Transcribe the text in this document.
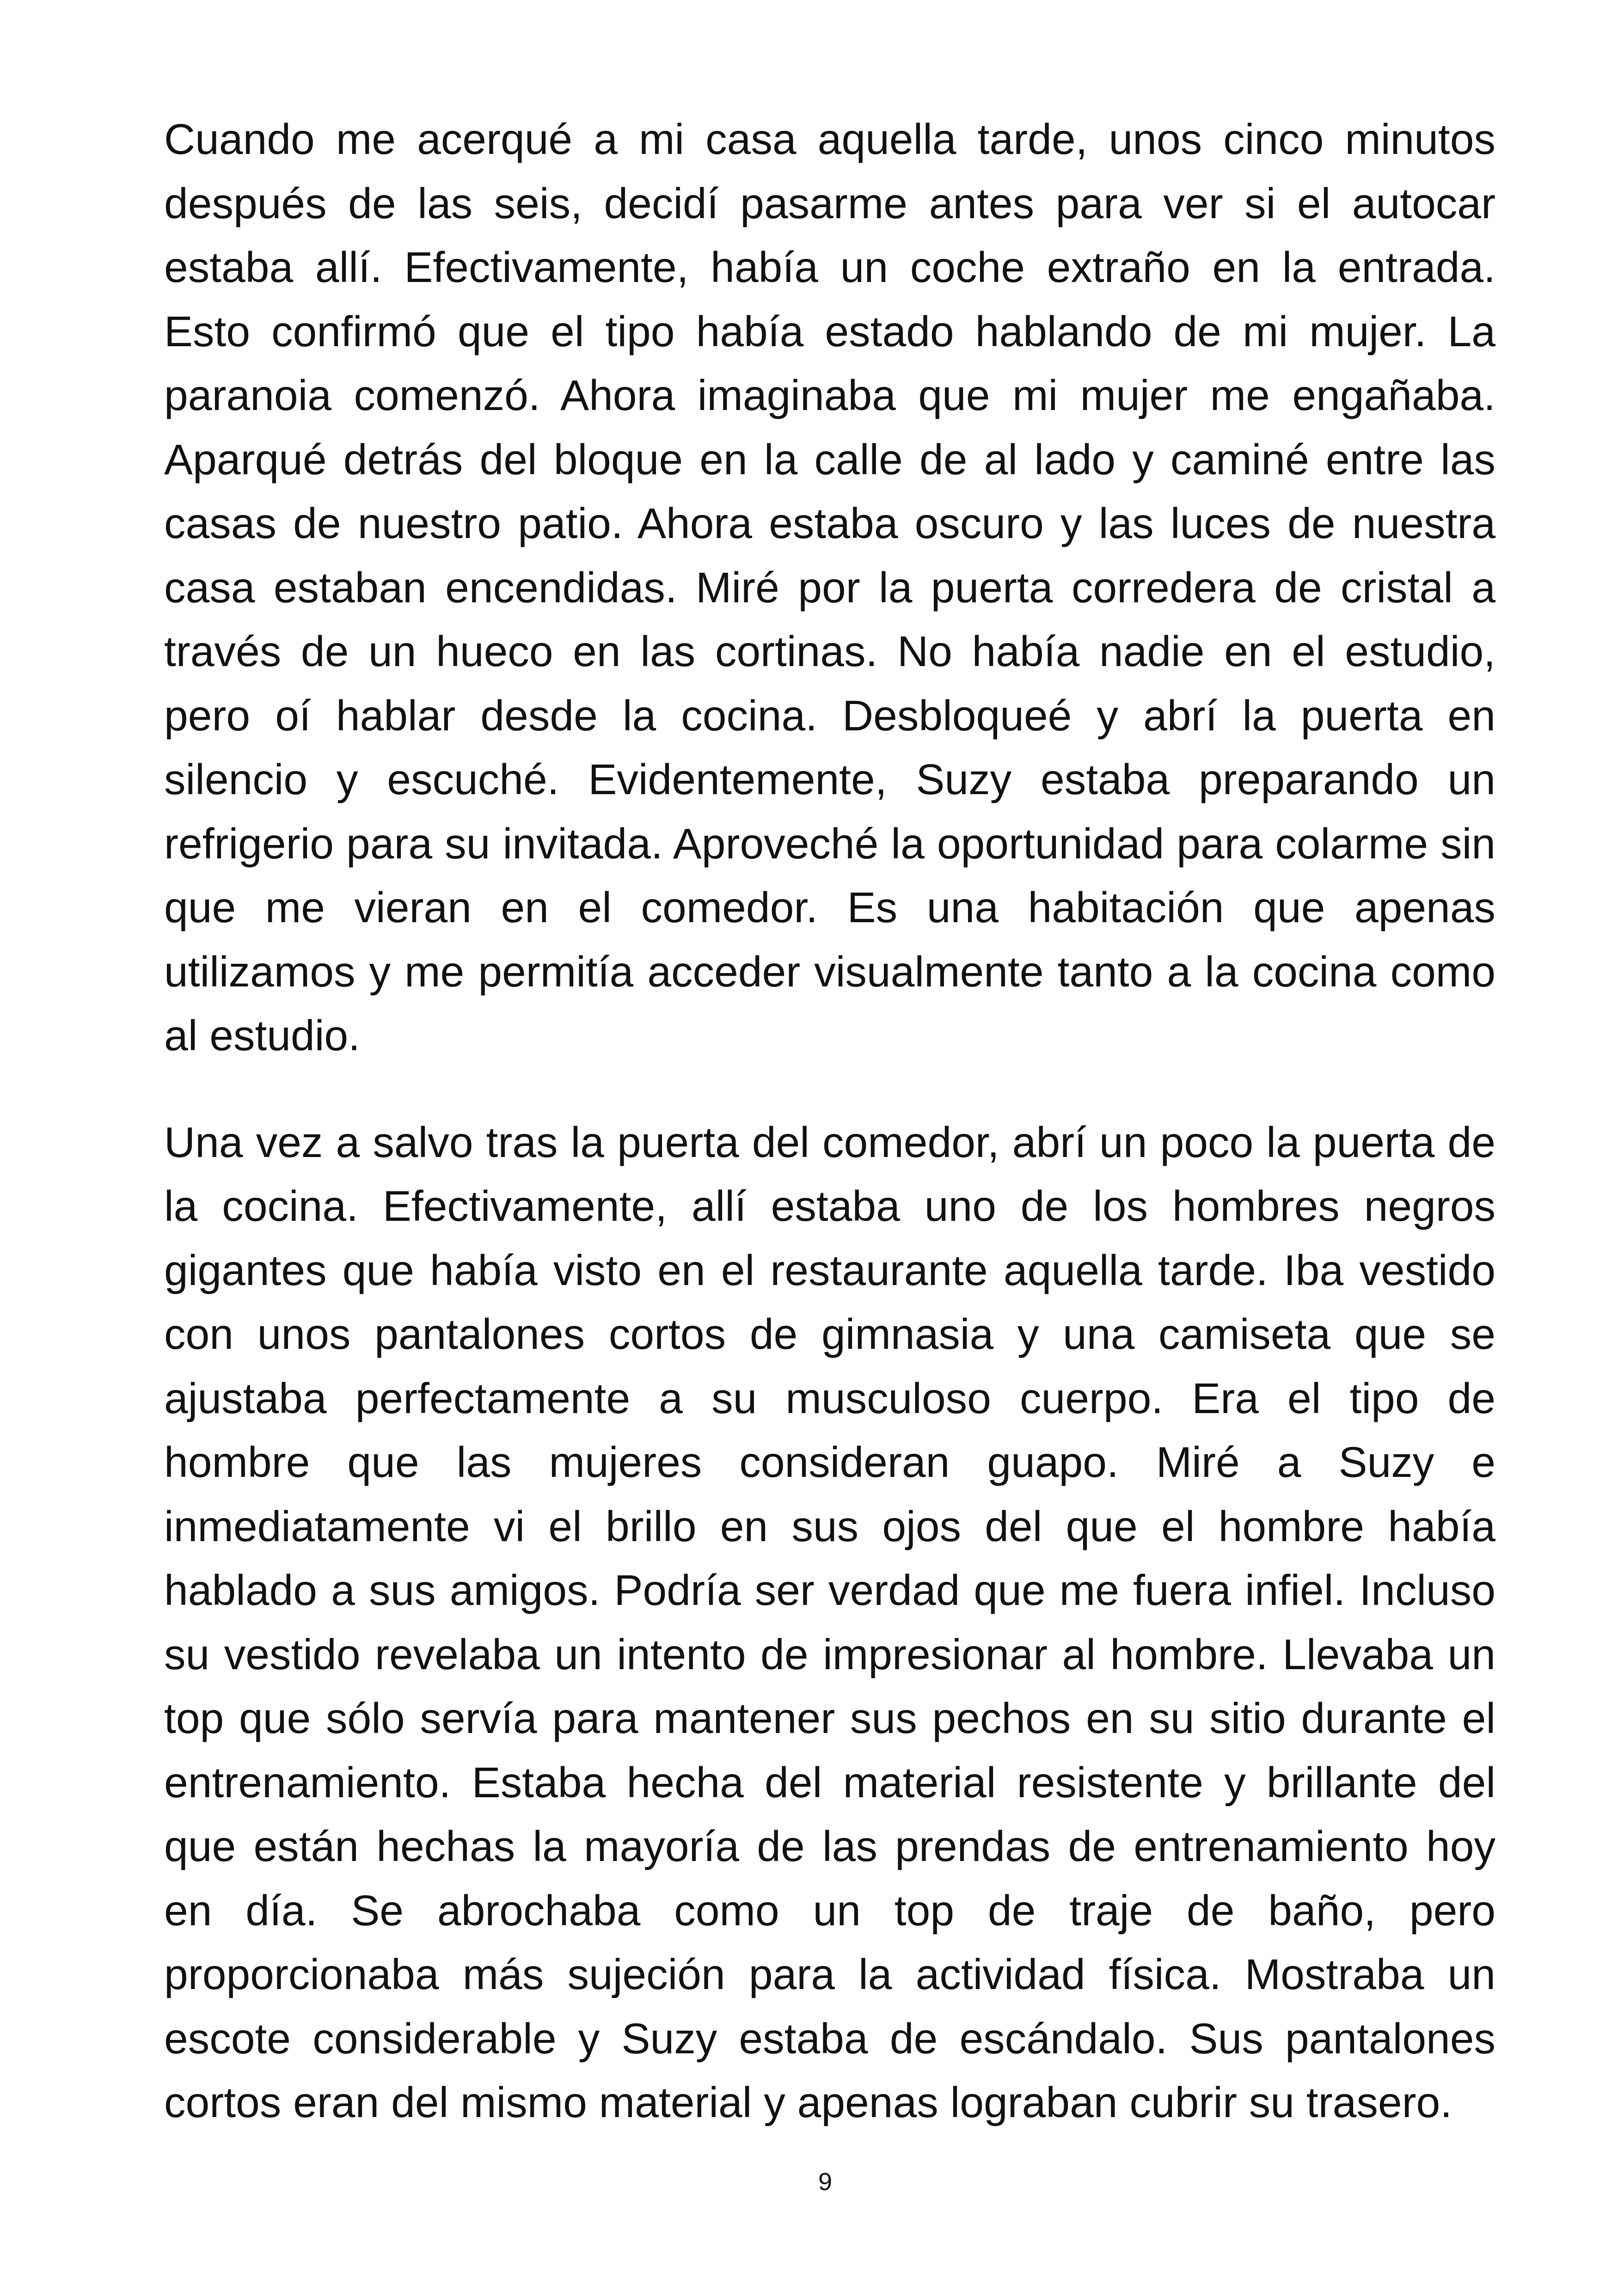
Cuando me acerqué a mi casa aquella tarde, unos cinco minutos después de las seis, decidí pasarme antes para ver si el autocar estaba allí. Efectivamente, había un coche extraño en la entrada. Esto confirmó que el tipo había estado hablando de mi mujer. La paranoia comenzó. Ahora imaginaba que mi mujer me engañaba. Aparqué detrás del bloque en la calle de al lado y caminé entre las casas de nuestro patio. Ahora estaba oscuro y las luces de nuestra casa estaban encendidas. Miré por la puerta corredera de cristal a través de un hueco en las cortinas. No había nadie en el estudio, pero oí hablar desde la cocina. Desbloqueé y abrí la puerta en silencio y escuché. Evidentemente, Suzy estaba preparando un refrigerio para su invitada. Aproveché la oportunidad para colarme sin que me vieran en el comedor. Es una habitación que apenas utilizamos y me permitía acceder visualmente tanto a la cocina como al estudio.

Una vez a salvo tras la puerta del comedor, abrí un poco la puerta de la cocina. Efectivamente, allí estaba uno de los hombres negros gigantes que había visto en el restaurante aquella tarde. Iba vestido con unos pantalones cortos de gimnasia y una camiseta que se ajustaba perfectamente a su musculoso cuerpo. Era el tipo de hombre que las mujeres consideran guapo. Miré a Suzy e inmediatamente vi el brillo en sus ojos del que el hombre había hablado a sus amigos. Podría ser verdad que me fuera infiel. Incluso su vestido revelaba un intento de impresionar al hombre. Llevaba un top que sólo servía para mantener sus pechos en su sitio durante el entrenamiento. Estaba hecha del material resistente y brillante del que están hechas la mayoría de las prendas de entrenamiento hoy en día. Se abrochaba como un top de traje de baño, pero proporcionaba más sujeción para la actividad física. Mostraba un escote considerable y Suzy estaba de escándalo. Sus pantalones cortos eran del mismo material y apenas lograban cubrir su trasero.

9
